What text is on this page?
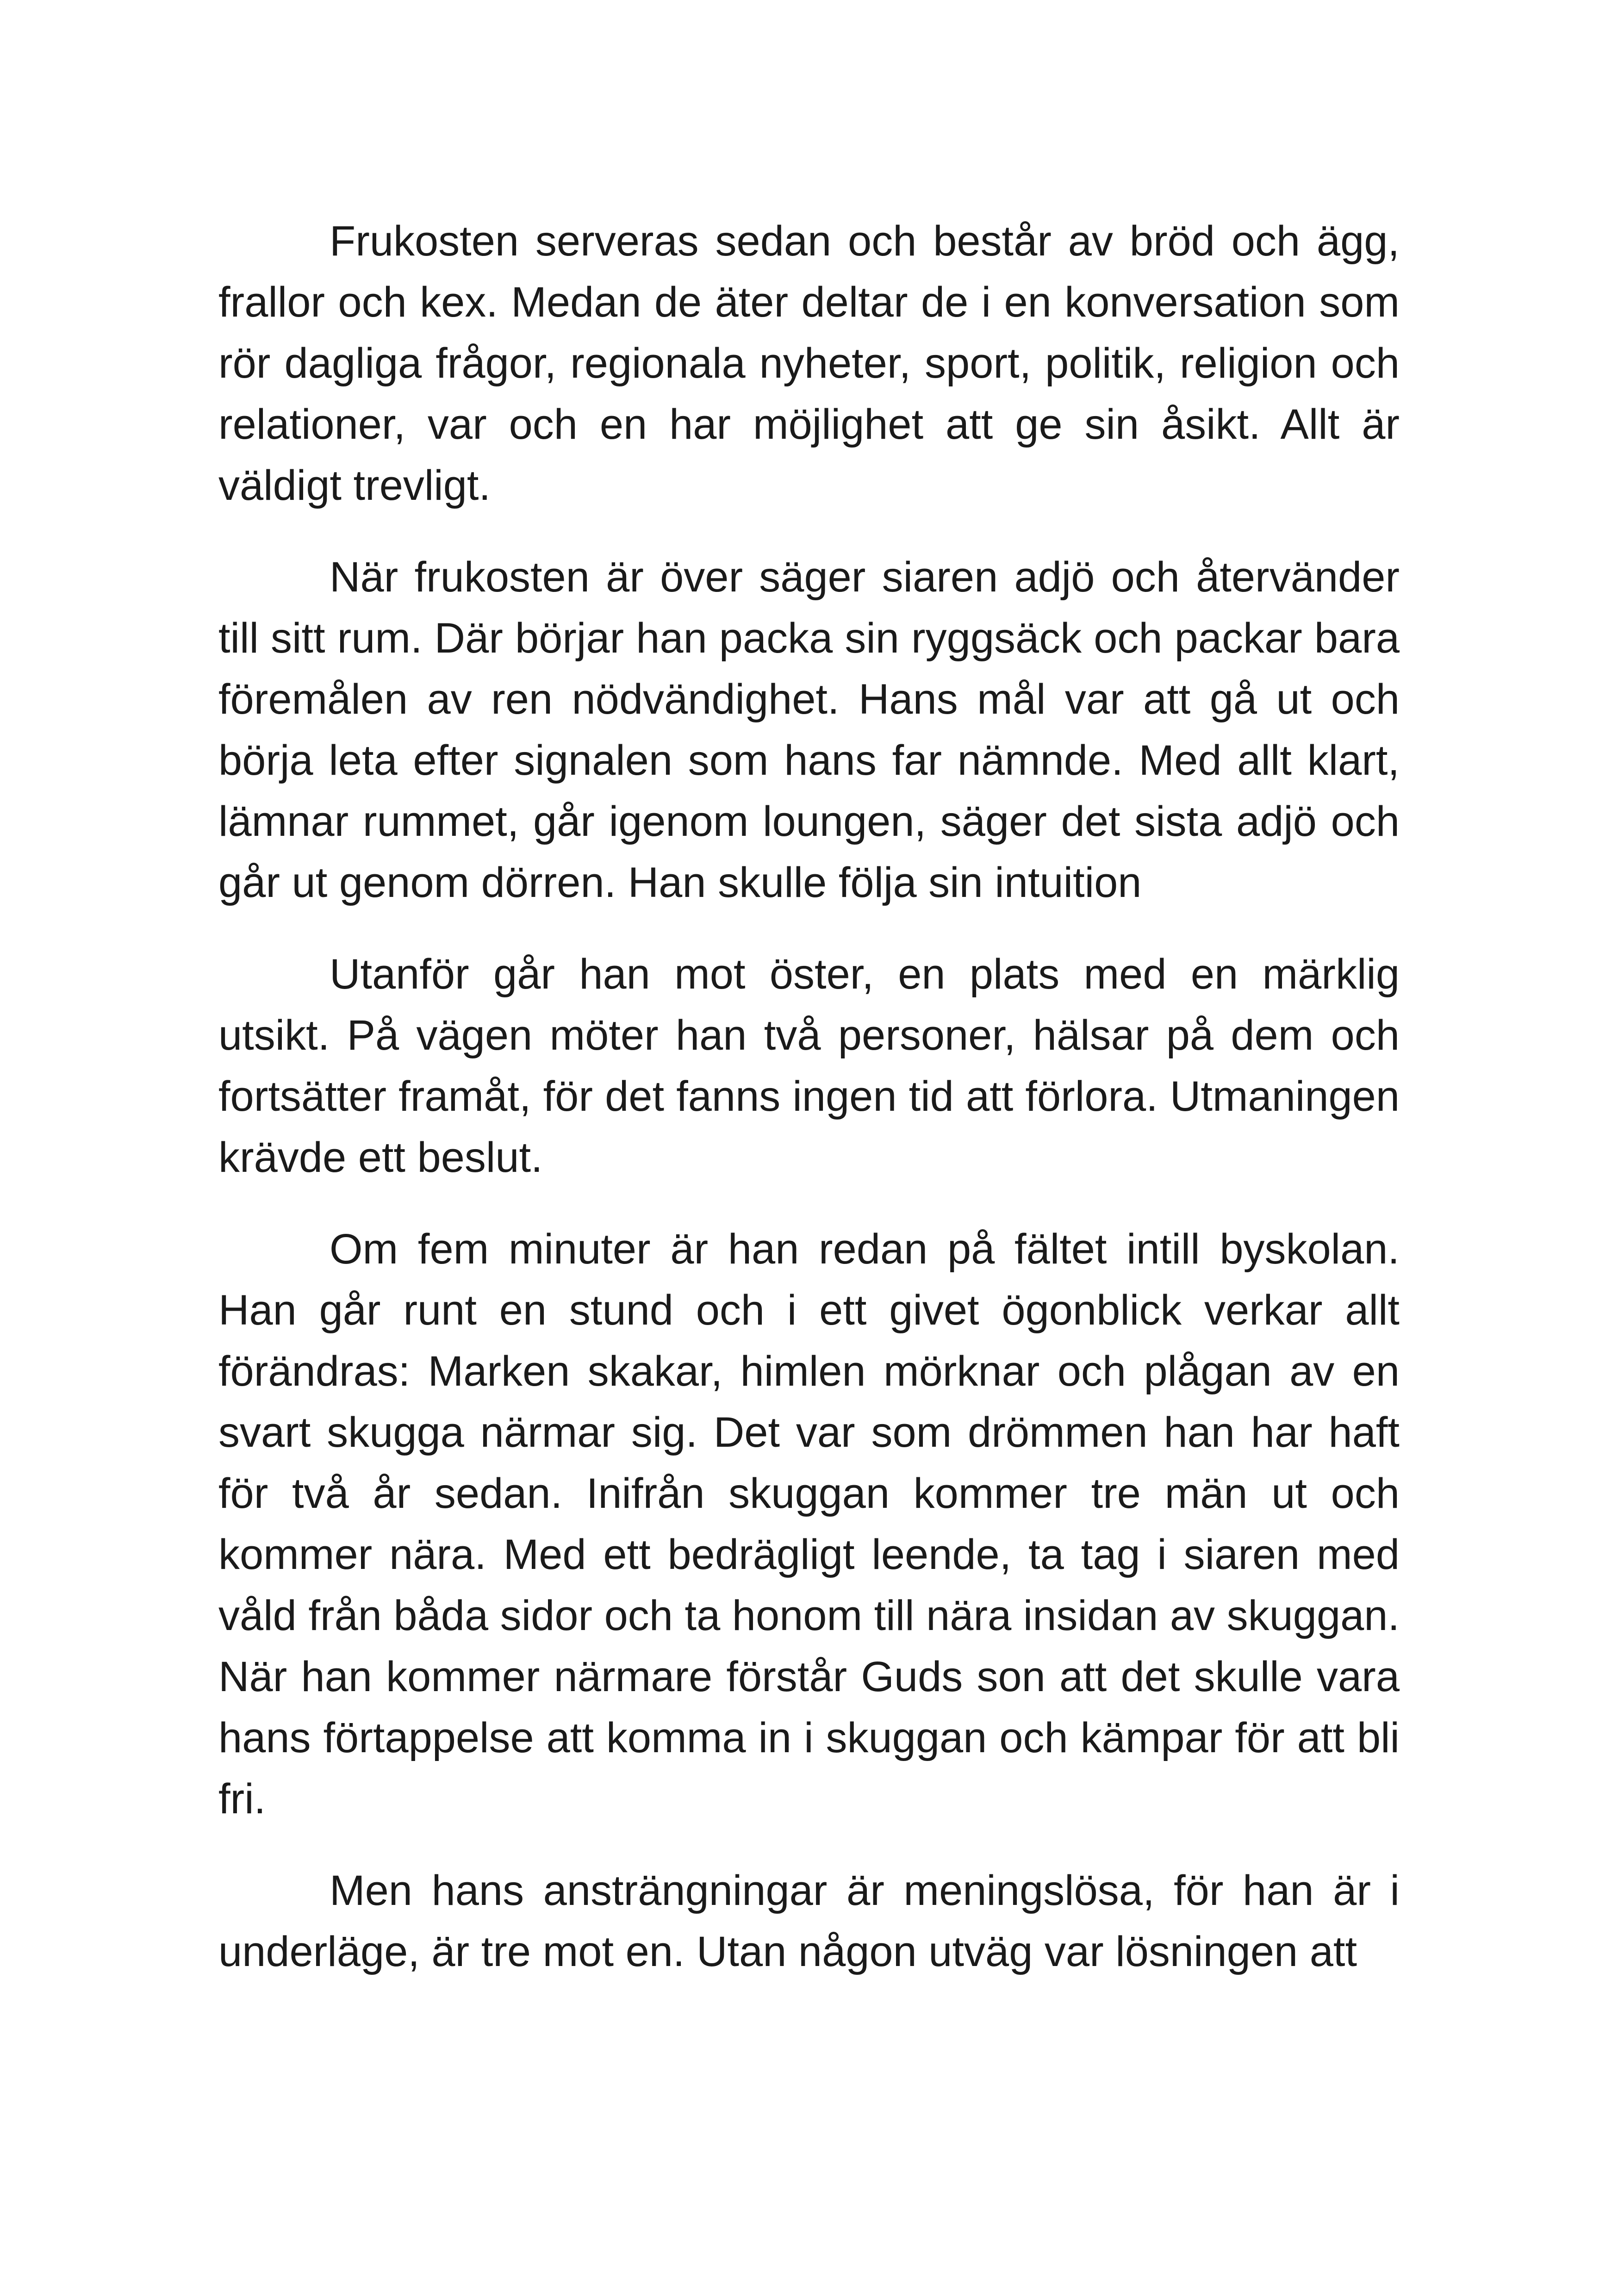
Frukosten serveras sedan och består av bröd och ägg, frallor och kex. Medan de äter deltar de i en konversation som rör dagliga frågor, regionala nyheter, sport, politik, religion och relationer, var och en har möjlighet att ge sin åsikt. Allt är väldigt trevligt.

När frukosten är över säger siaren adjö och återvänder till sitt rum. Där börjar han packa sin ryggsäck och packar bara föremålen av ren nödvändighet. Hans mål var att gå ut och börja leta efter signalen som hans far nämnde. Med allt klart, lämnar rummet, går igenom loungen, säger det sista adjö och går ut genom dörren. Han skulle följa sin intuition

Utanför går han mot öster, en plats med en märklig utsikt. På vägen möter han två personer, hälsar på dem och fortsätter framåt, för det fanns ingen tid att förlora. Utmaningen krävde ett beslut.

Om fem minuter är han redan på fältet intill byskolan. Han går runt en stund och i ett givet ögonblick verkar allt förändras: Marken skakar, himlen mörknar och plågan av en svart skugga närmar sig. Det var som drömmen han har haft för två år sedan. Inifrån skuggan kommer tre män ut och kommer nära. Med ett bedrägligt leende, ta tag i siaren med våld från båda sidor och ta honom till nära insidan av skuggan. När han kommer närmare förstår Guds son att det skulle vara hans förtappelse att komma in i skuggan och kämpar för att bli fri.

Men hans ansträngningar är meningslösa, för han är i underläge, är tre mot en. Utan någon utväg var lösningen att
